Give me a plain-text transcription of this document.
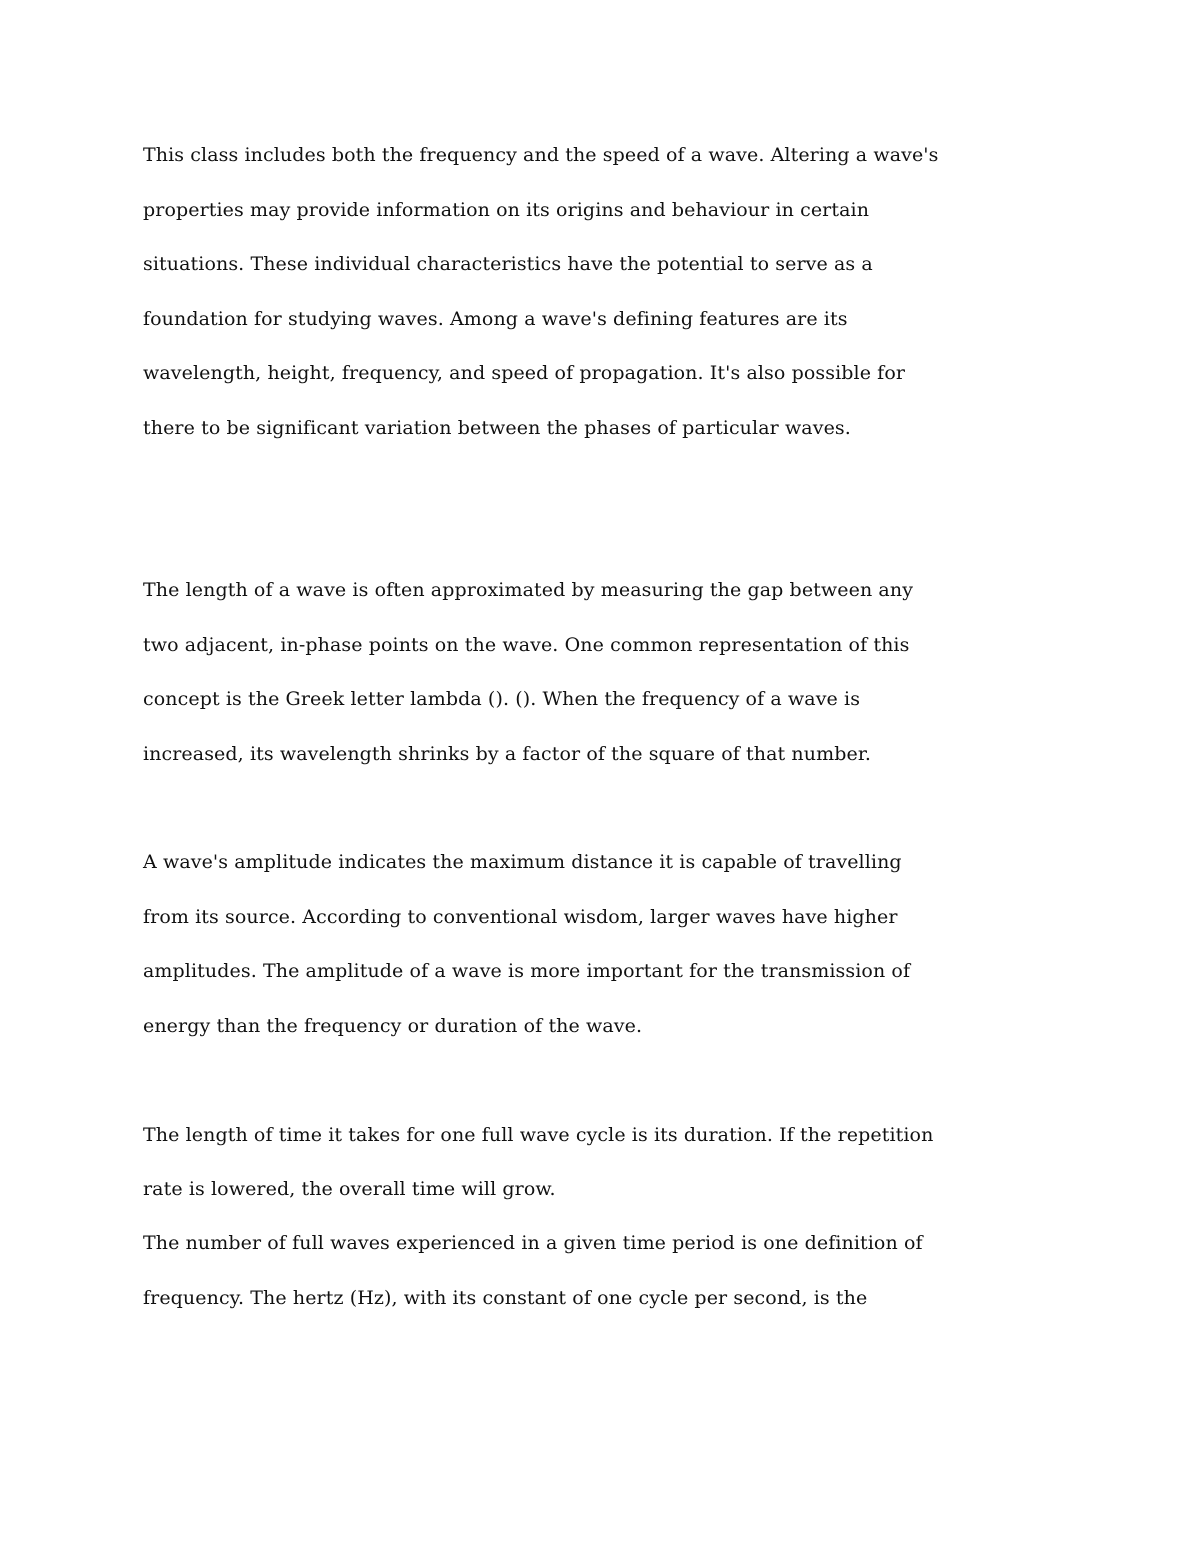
This class includes both the frequency and the speed of a wave. Altering a wave's

properties may provide information on its origins and behaviour in certain

situations. These individual characteristics have the potential to serve as a

foundation for studying waves. Among a wave's defining features are its

wavelength, height, frequency, and speed of propagation. It's also possible for

there to be significant variation between the phases of particular waves.

The length of a wave is often approximated by measuring the gap between any

two adjacent, in-phase points on the wave. One common representation of this

concept is the Greek letter lambda (). (). When the frequency of a wave is

increased, its wavelength shrinks by a factor of the square of that number.

A wave's amplitude indicates the maximum distance it is capable of travelling

from its source. According to conventional wisdom, larger waves have higher

amplitudes. The amplitude of a wave is more important for the transmission of

energy than the frequency or duration of the wave.

The length of time it takes for one full wave cycle is its duration. If the repetition

rate is lowered, the overall time will grow.

The number of full waves experienced in a given time period is one definition of

frequency. The hertz (Hz), with its constant of one cycle per second, is the
